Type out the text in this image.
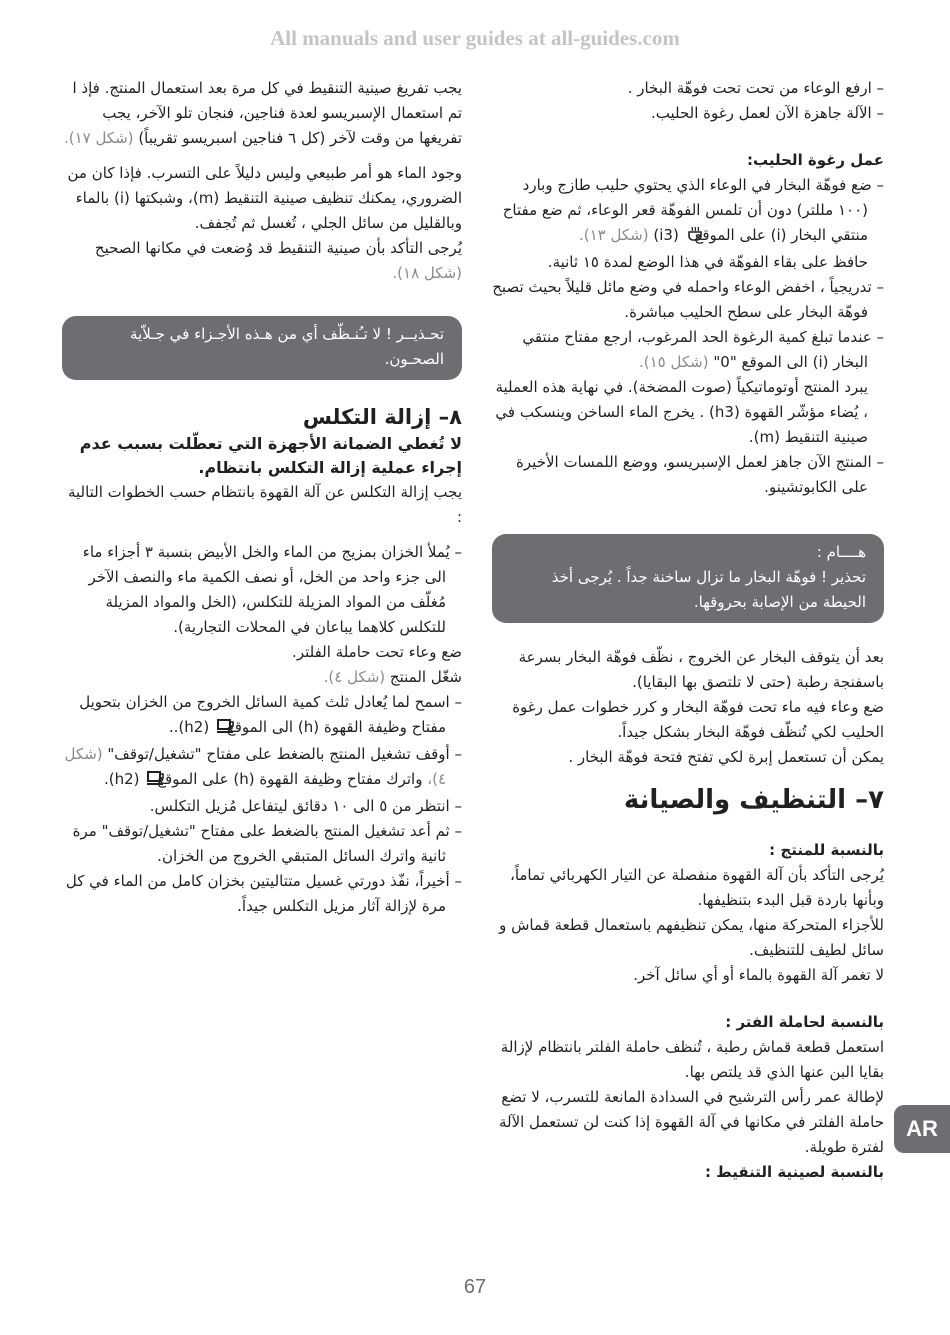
All manuals and user guides at all-guides.com

– ارفع الوعاء من تحت تحت فوهّة البخار .

– الآلة جاهزة الآن لعمل رغوة الحليب.

عمل رغوة الحليب:

– ضع فوهّة البخار في الوعاء الذي يحتوي حليب طازج وبارد (١٠٠ مللتر) دون أن تلمس الفوهّة قعر الوعاء، ثم ضع مفتاح منتقي البخار (i) على الموقع  (i3) (شكل ١٣).

حافظ على بقاء الفوهّة في هذا الوضع لمدة ١٥ ثانية.

– تدريجياً ، اخفض الوعاء واحمله في وضع مائل قليلاً بحيث تصبح فوهّة البخار على سطح الحليب مباشرة.

– عندما تبلغ كمية الرغوة الحد المرغوب، ارجع مفتاح منتقي البخار (i) الى الموقع "0" (شكل ١٥).

يبرد المنتج أوتوماتيكياً (صوت المضخة). في نهاية هذه العملية ، يُضاء مؤشّر القهوة (h3) . يخرج الماء الساخن وينسكب في صينية التنقيط (m).

– المنتج الآن جاهز لعمل الإسبريسو، ووضع اللمسات الأخيرة على الكابوتشينو.

هــــام :

تحذير ! فوهّة البخار ما تزال ساخنة جداً . يُرجى أخذ الحيطة من الإصابة بحروقها.

بعد أن يتوقف البخار عن الخروج ، نظّف فوهّة البخار بسرعة باسفنجة رطبة (حتى لا تلتصق بها البقايا).

ضع وعاء فيه ماء تحت فوهّة البخار و كرر خطوات عمل رغوة الحليب لكي تُنظّف فوهّة البخار بشكل جيداً.

يمكن أن تستعمل إبرة لكي تفتح فتحة فوهّة البخار .

٧– التنظيف والصيانة

بالنسبة للمنتج :

يُرجى التأكد بأن آلة القهوة منفصلة عن التيار الكهربائي تماماً، وبأنها باردة قبل البدء بتنظيفها.

للأجزاء المتحركة منها، يمكن تنظيفهم باستعمال قطعة قماش و سائل لطيف للتنظيف.

لا تغمر آلة القهوة بالماء أو أي سائل آخر.

بالنسبة لحاملة الفتر :

استعمل قطعة قماش رطبة ، تُنظف حاملة الفلتر بانتظام لإزالة بقايا البن عنها الذي قد يلتص بها.

لإطالة عمر رأس الترشيح في السدادة المانعة للتسرب، لا تضع حاملة الفلتر في مكانها في آلة القهوة إذا كنت لن تستعمل الآلة لفترة طويلة.

بالنسبة لصينية التنقيط :

يجب تفريغ صينية التنقيط في كل مرة بعد استعمال المنتج. فإذ ا تم استعمال الإسبريسو لعدة فناجين، فنجان تلو الآخر، يجب تفريغها من وقت لآخر (كل ٦ فناجين اسبريسو تقريباً) (شكل ١٧).

وجود الماء هو أمر طبيعي وليس دليلاً على التسرب. فإذا كان من الضروري، يمكنك تنظيف صينية التنقيط (m)، وشبكتها (i) بالماء وبالقليل من سائل الجلي ، تُغسل ثم تُجفف.

يُرجى التأكد بأن صينية التنقيط قد وُضعت في مكانها الصحيح (شكل ١٨).

تحـذيــر ! لا تـُنـظّف أي من هـذه الأجـزاء في جـلاّية الصحـون.

٨– إزالة التكلس

لا تُغطي الضمانة الأجهزة التي تعطّلت بسبب عدم إجراء عملية إزالة التكلس بانتظام.

يجب إزالة التكلس عن آلة القهوة بانتظام حسب الخطوات التالية :

– يُملأ الخزان بمزيج من الماء والخل الأبيض بنسبة ٣ أجزاء ماء الى جزء واحد من الخل، أو نصف الكمية ماء والنصف الآخر مُغلّف من المواد المزيلة للتكلس، (الخل والمواد المزيلة للتكلس كلاهما يباعان في المحلات التجارية).

ضع وعاء تحت حاملة الفلتر.

شغّل المنتج (شكل ٤).

– اسمح لما يُعادل ثلث كمية السائل الخروج من الخزان بتحويل مفتاح وظيفة القهوة (h) الى الموقع  (h2)..

– أوقف تشغيل المنتج بالضغط على مفتاح "تشغيل/توقف" (شكل ٤)، واترك مفتاح وظيفة القهوة (h) على الموقع  (h2).

– انتظر من ٥ الى ١٠ دقائق ليتفاعل مُزيل التكلس.

– ثم أعد تشغيل المنتج بالضغط على مفتاح "تشغيل/توقف" مرة ثانية واترك السائل المتبقي الخروج من الخزان.

– أخيراً، نفّذ دورتي غسيل متتاليتين بخزان كامل من الماء في كل مرة لإزالة آثار مزيل التكلس جيداً.

AR
67
